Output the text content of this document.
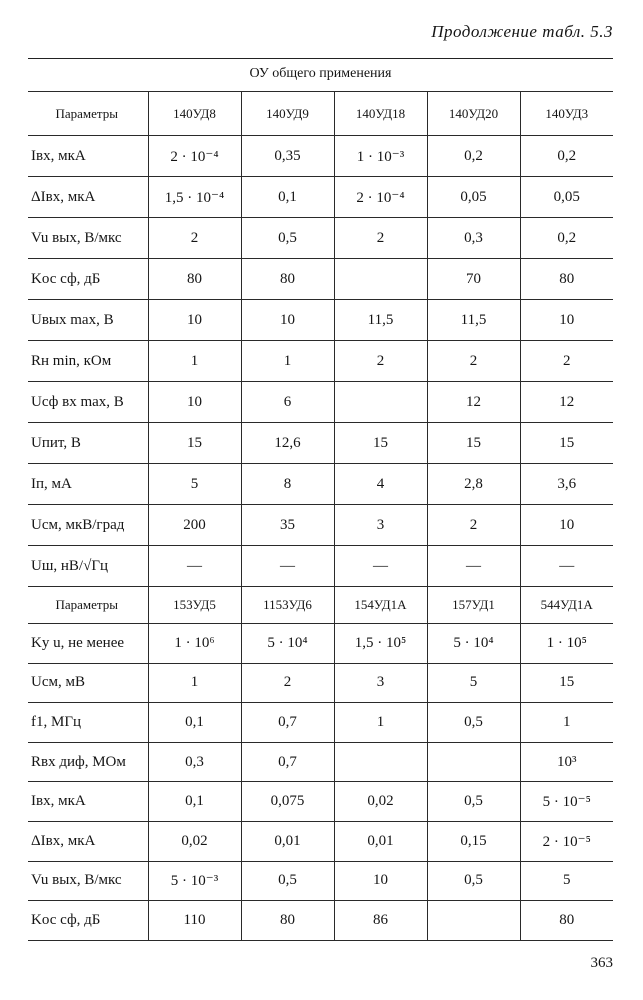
Продолжение табл. 5.3
ОУ общего применения
Параметры	140УД8	140УД9	140УД18	140УД20	140УД3
Iвх, мкА	2 · 10⁻⁴	0,35	1 · 10⁻³	0,2	0,2
ΔIвх, мкА	1,5 · 10⁻⁴	0,1	2 · 10⁻⁴	0,05	0,05
Vu вых, В/мкс	2	0,5	2	0,3	0,2
Kос сф, дБ	80	80		70	80
Uвых max, В	10	10	11,5	11,5	10
Rн min, кОм	1	1	2	2	2
Uсф вх max, В	10	6		12	12
Uпит, В	15	12,6	15	15	15
Iп, мА	5	8	4	2,8	3,6
Uсм, мкВ/град	200	35	3	2	10
Uш, нВ/√Гц	—	—	—	—	—
Параметры	153УД5	1153УД6	154УД1А	157УД1	544УД1А
Kу u, не менее	1 · 10⁶	5 · 10⁴	1,5 · 10⁵	5 · 10⁴	1 · 10⁵
Uсм, мВ	1	2	3	5	15
f1, МГц	0,1	0,7	1	0,5	1
Rвх диф, МОм	0,3	0,7			10³
Iвх, мкА	0,1	0,075	0,02	0,5	5 · 10⁻⁵
ΔIвх, мкА	0,02	0,01	0,01	0,15	2 · 10⁻⁵
Vu вых, В/мкс	5 · 10⁻³	0,5	10	0,5	5
Kос сф, дБ	110	80	86		80
363
